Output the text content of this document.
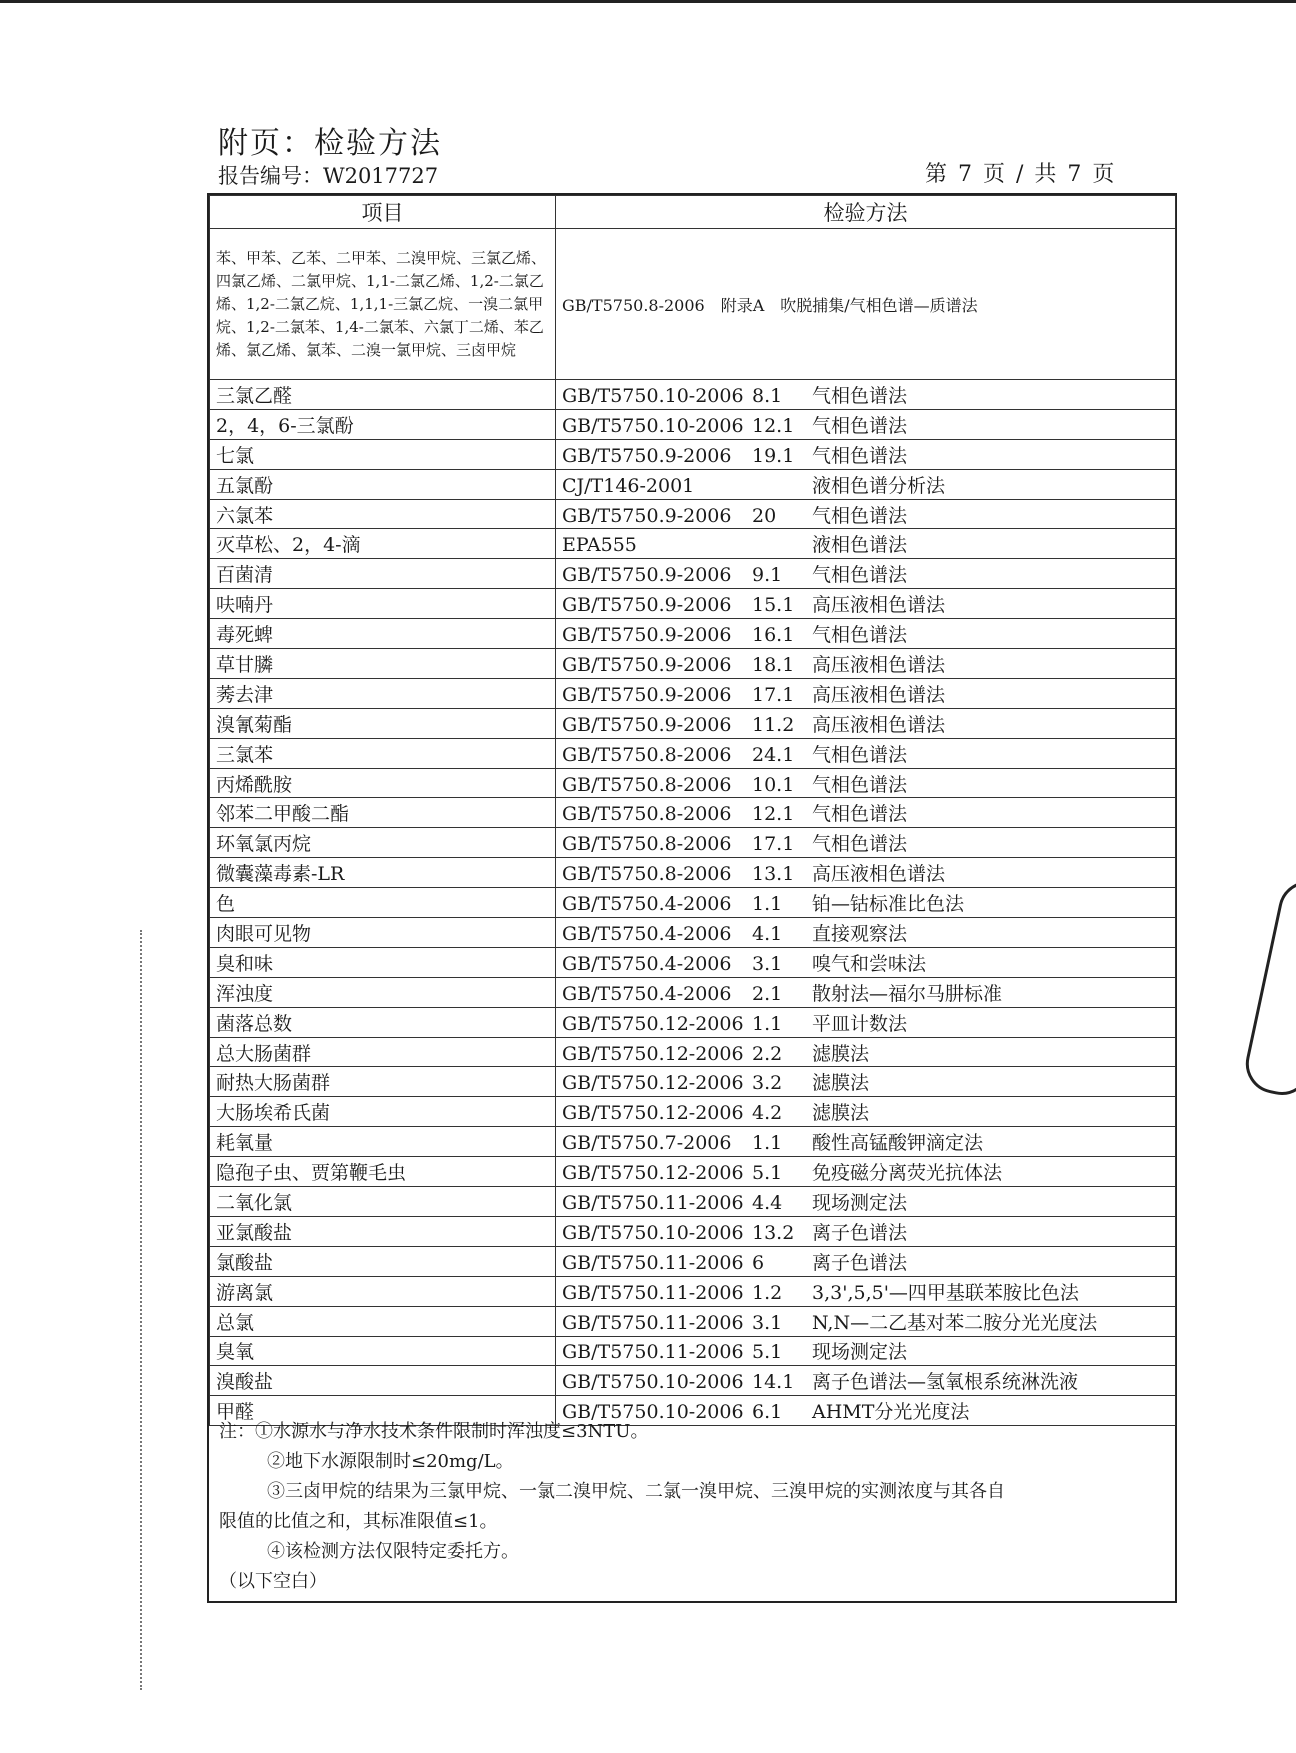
附页：检验方法
报告编号：W2017727	第 7 页 / 共 7 页
项目	检验方法
苯、甲苯、乙苯、二甲苯、二溴甲烷、三氯乙烯、四氯乙烯、二氯甲烷、1,1-二氯乙烯、1,2-二氯乙烯、1,2-二氯乙烷、1,1,1-三氯乙烷、一溴二氯甲烷、1,2-二氯苯、1,4-二氯苯、六氯丁二烯、苯乙烯、氯乙烯、氯苯、二溴一氯甲烷、三卤甲烷	GB/T5750.8-2006　附录A　吹脱捕集/气相色谱—质谱法
三氯乙醛	GB/T5750.10-2006 8.1 气相色谱法
2，4，6-三氯酚	GB/T5750.10-2006 12.1 气相色谱法
七氯	GB/T5750.9-2006 19.1 气相色谱法
五氯酚	CJ/T146-2001 液相色谱分析法
六氯苯	GB/T5750.9-2006 20 气相色谱法
灭草松、2，4-滴	EPA555 液相色谱法
百菌清	GB/T5750.9-2006 9.1 气相色谱法
呋喃丹	GB/T5750.9-2006 15.1 高压液相色谱法
毒死蜱	GB/T5750.9-2006 16.1 气相色谱法
草甘膦	GB/T5750.9-2006 18.1 高压液相色谱法
莠去津	GB/T5750.9-2006 17.1 高压液相色谱法
溴氰菊酯	GB/T5750.9-2006 11.2 高压液相色谱法
三氯苯	GB/T5750.8-2006 24.1 气相色谱法
丙烯酰胺	GB/T5750.8-2006 10.1 气相色谱法
邻苯二甲酸二酯	GB/T5750.8-2006 12.1 气相色谱法
环氧氯丙烷	GB/T5750.8-2006 17.1 气相色谱法
微囊藻毒素-LR	GB/T5750.8-2006 13.1 高压液相色谱法
色	GB/T5750.4-2006 1.1 铂—钴标准比色法
肉眼可见物	GB/T5750.4-2006 4.1 直接观察法
臭和味	GB/T5750.4-2006 3.1 嗅气和尝味法
浑浊度	GB/T5750.4-2006 2.1 散射法—福尔马肼标准
菌落总数	GB/T5750.12-2006 1.1 平皿计数法
总大肠菌群	GB/T5750.12-2006 2.2 滤膜法
耐热大肠菌群	GB/T5750.12-2006 3.2 滤膜法
大肠埃希氏菌	GB/T5750.12-2006 4.2 滤膜法
耗氧量	GB/T5750.7-2006 1.1 酸性高锰酸钾滴定法
隐孢子虫、贾第鞭毛虫	GB/T5750.12-2006 5.1 免疫磁分离荧光抗体法
二氧化氯	GB/T5750.11-2006 4.4 现场测定法
亚氯酸盐	GB/T5750.10-2006 13.2 离子色谱法
氯酸盐	GB/T5750.11-2006 6 离子色谱法
游离氯	GB/T5750.11-2006 1.2 3,3',5,5'—四甲基联苯胺比色法
总氯	GB/T5750.11-2006 3.1 N,N—二乙基对苯二胺分光光度法
臭氧	GB/T5750.11-2006 5.1 现场测定法
溴酸盐	GB/T5750.10-2006 14.1 离子色谱法—氢氧根系统淋洗液
甲醛	GB/T5750.10-2006 6.1 AHMT分光光度法
注：①水源水与净水技术条件限制时浑浊度≤3NTU。
②地下水源限制时≤20mg/L。
③三卤甲烷的结果为三氯甲烷、一氯二溴甲烷、二氯一溴甲烷、三溴甲烷的实测浓度与其各自
限值的比值之和，其标准限值≤1。
④该检测方法仅限特定委托方。
（以下空白）
